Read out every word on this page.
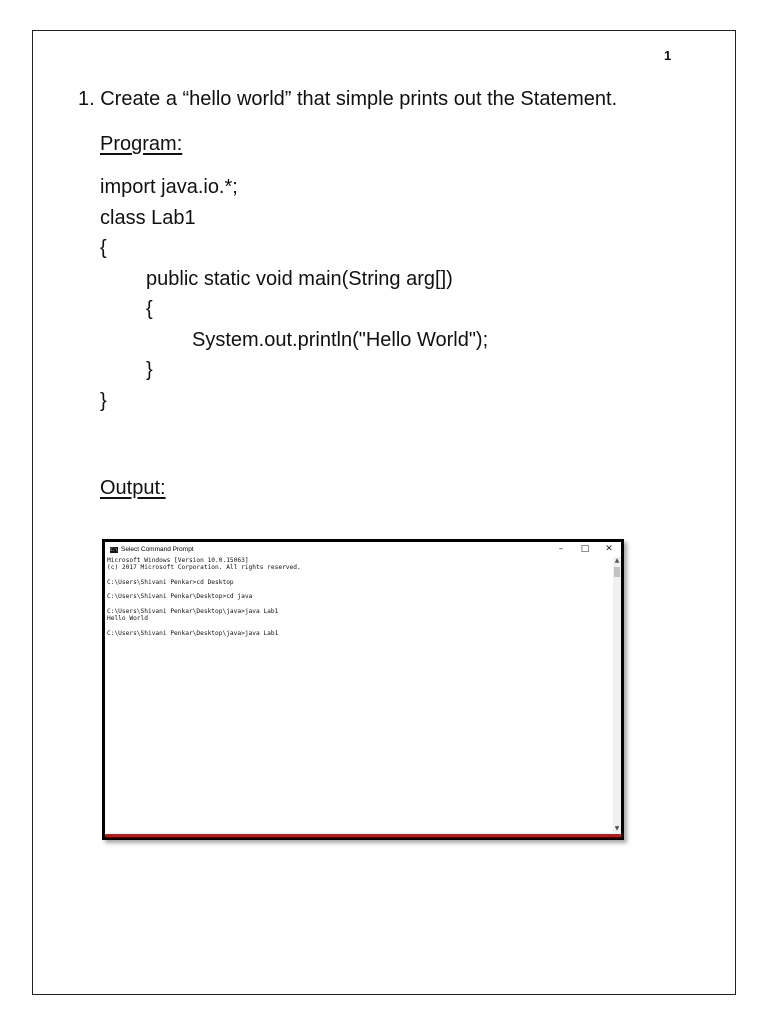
1
1. Create a “hello world” that simple prints out the Statement.
Program:
import java.io.*;
class Lab1
{
public static void main(String arg[])
{
System.out.println("Hello World");
}
}
Output:
C:\ Select Command Prompt	–	□	✕
Microsoft Windows [Version 10.0.15063]
(c) 2017 Microsoft Corporation. All rights reserved.
C:\Users\Shivani Penkar>cd Desktop
C:\Users\Shivani Penkar\Desktop>cd java
C:\Users\Shivani Penkar\Desktop\java>java Lab1
Hello World
C:\Users\Shivani Penkar\Desktop\java>java Lab1
▲
▼
